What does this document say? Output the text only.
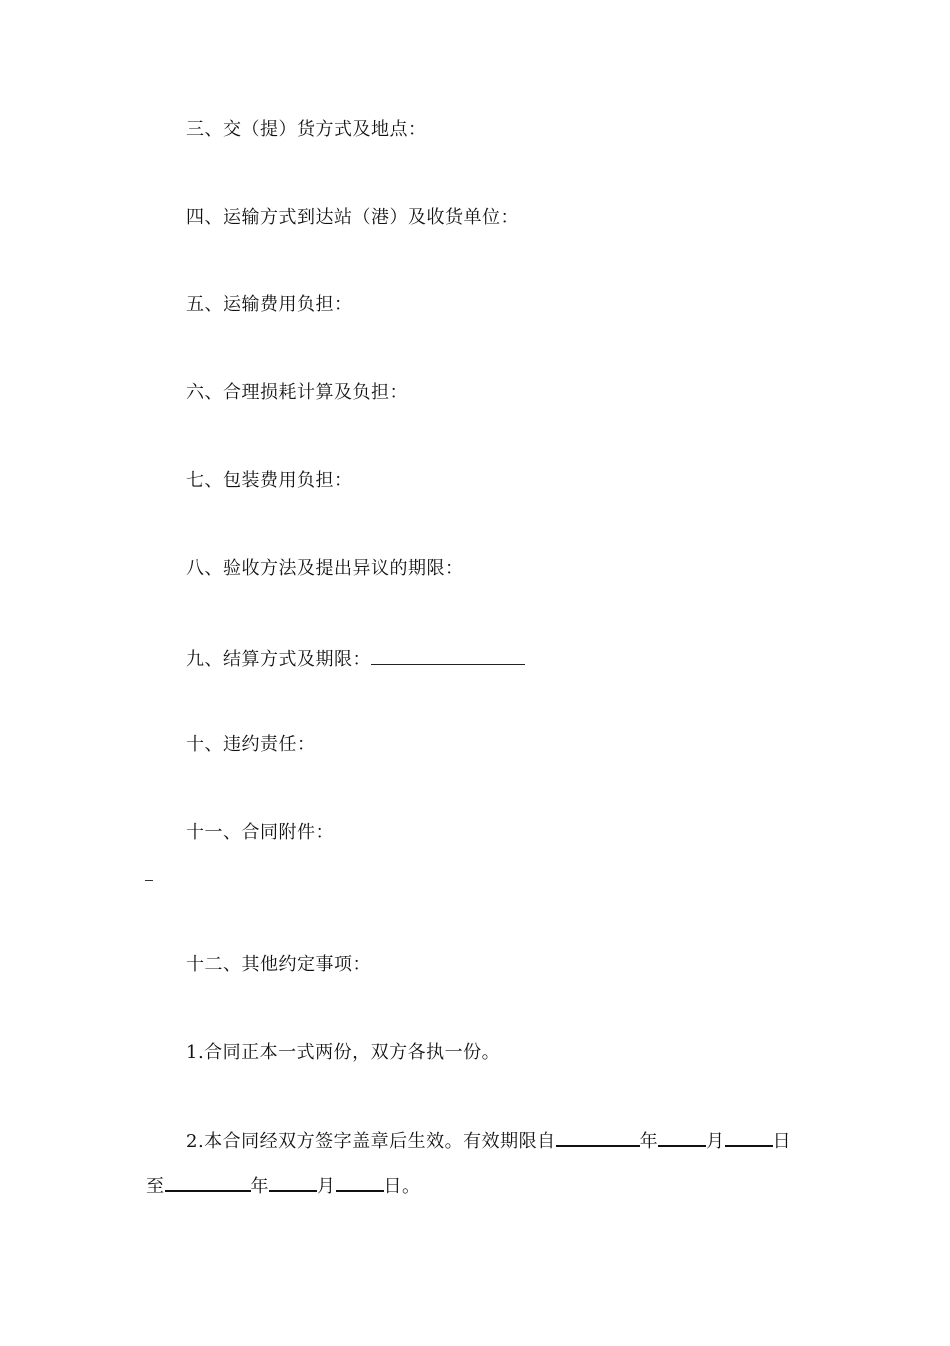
三、交（提）货方式及地点：
四、运输方式到达站（港）及收货单位：
五、运输费用负担：
六、合理损耗计算及负担：
七、包装费用负担：
八、验收方法及提出异议的期限：
九、结算方式及期限：
十、违约责任：
十一、合同附件：
十二、其他约定事项：
1.合同正本一式两份，双方各执一份。
2.本合同经双方签字盖章后生效。有效期限自	年	月	日
至	年	月	日。
